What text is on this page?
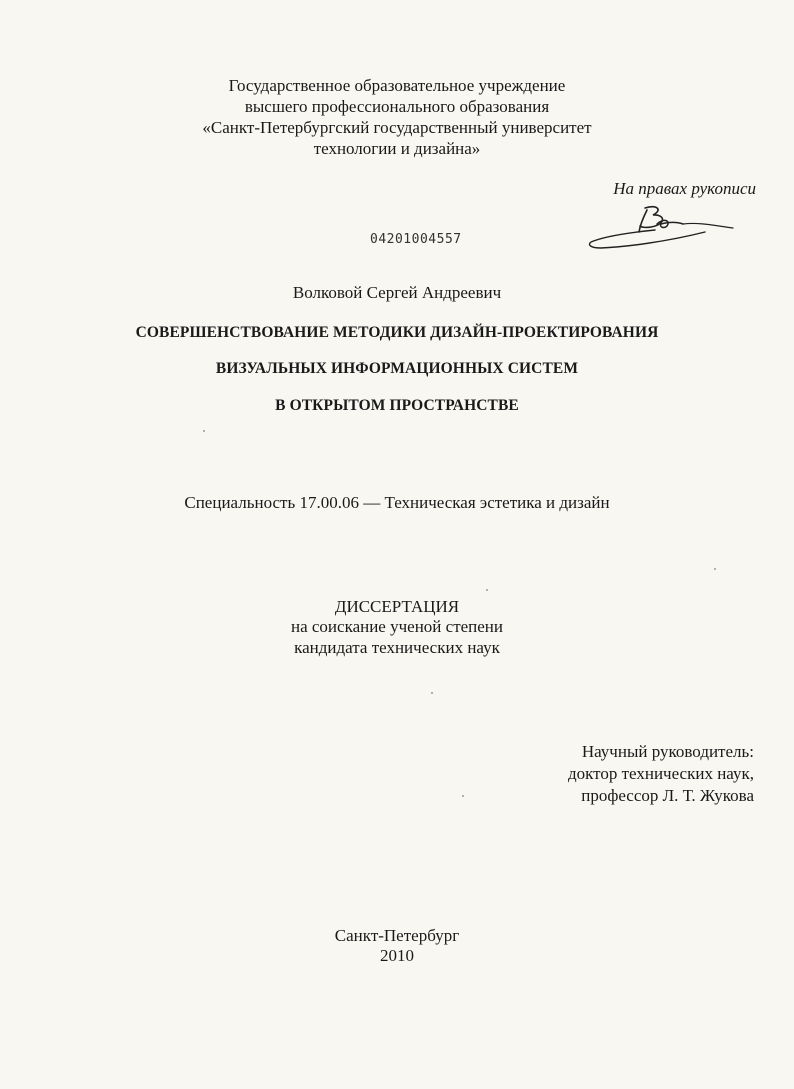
Государственное образовательное учреждение

высшего профессионального образования

«Санкт-Петербургский государственный университет

технологии и дизайна»

На правах рукописи
04201004557

Волковой Сергей Андреевич

СОВЕРШЕНСТВОВАНИЕ МЕТОДИКИ ДИЗАЙН-ПРОЕКТИРОВАНИЯ

ВИЗУАЛЬНЫХ ИНФОРМАЦИОННЫХ СИСТЕМ

В ОТКРЫТОМ ПРОСТРАНСТВЕ

Специальность 17.00.06 — Техническая эстетика и дизайн

ДИССЕРТАЦИЯ

на соискание ученой степени

кандидата технических наук

Научный руководитель:
доктор технических наук,
профессор Л. Т. Жукова

Санкт-Петербург

2010
